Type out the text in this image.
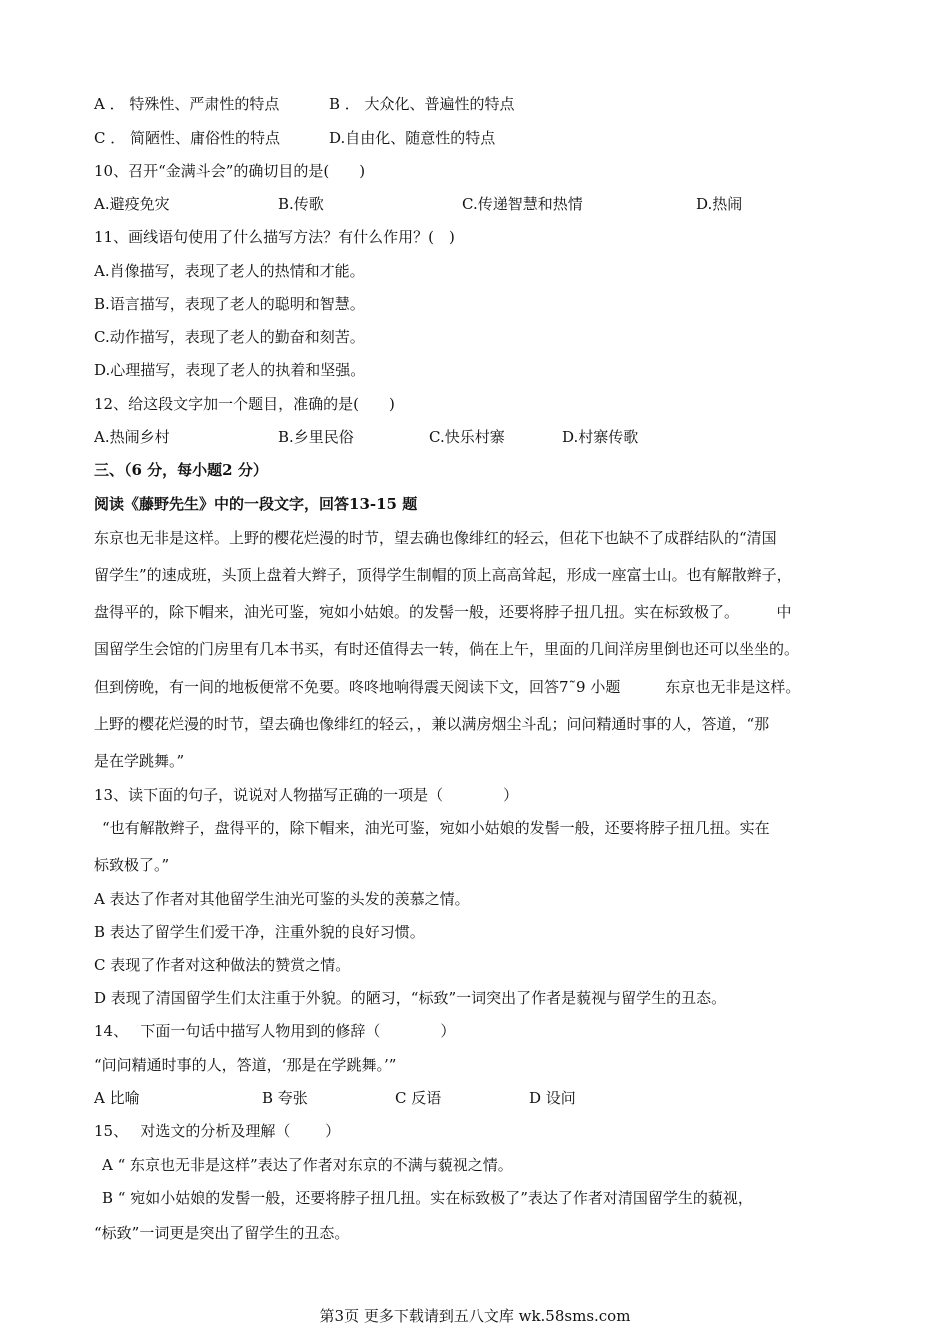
A ． 特殊性、严肃性的特点	B ． 大众化、普遍性的特点
C ． 简陋性、庸俗性的特点	D.自由化、随意性的特点
10、召开“金满斗会”的确切目的是(　　)
A.避疫免灾	B.传歌	C.传递智慧和热情	D.热闹
11、画线语句使用了什么描写方法？有什么作用？(　)
A.肖像描写，表现了老人的热情和才能。
B.语言描写，表现了老人的聪明和智慧。
C.动作描写，表现了老人的勤奋和刻苦。
D.心理描写，表现了老人的执着和坚强。
12、给这段文字加一个题目，准确的是(　　)
A.热闹乡村	B.乡里民俗	C.快乐村寨	D.村寨传歌
三、（6 分，每小题2 分）
阅读《藤野先生》中的一段文字，回答13-15 题
东京也无非是这样。上野的樱花烂漫的时节，望去确也像绯红的轻云，但花下也缺不了成群结队的“清国
留学生”的速成班，头顶上盘着大辫子，顶得学生制帽的顶上高高耸起，形成一座富士山。也有解散辫子，
盘得平的，除下帽来，油光可鉴，宛如小姑娘。的发髻一般，还要将脖子扭几扭。实在标致极了。　　　中
国留学生会馆的门房里有几本书买，有时还值得去一转，倘在上午，里面的几间洋房里倒也还可以坐坐的。
但到傍晚，有一间的地板便常不免要。咚咚地响得震天阅读下文，回答7˜9 小题　　　东京也无非是这样。
上野的樱花烂漫的时节，望去确也像绯红的轻云，，兼以满房烟尘斗乱；问问精通时事的人，答道，“那
是在学跳舞。”
13、读下面的句子，说说对人物描写正确的一项是（　　　　）
“也有解散辫子，盘得平的，除下帽来，油光可鉴，宛如小姑娘的发髻一般，还要将脖子扭几扭。实在
标致极了。”
A 表达了作者对其他留学生油光可鉴的头发的羡慕之情。
B 表达了留学生们爱干净，注重外貌的良好习惯。
C 表现了作者对这种做法的赞赏之情。
D 表现了清国留学生们太注重于外貌。的陋习，“标致”一词突出了作者是藐视与留学生的丑态。
14、　 下面一句话中描写人物用到的修辞（　　　　）
“问问精通时事的人，答道，‘那是在学跳舞。’”
A 比喻	B 夸张	C 反语	D 设问
15、　 对选文的分析及理解（　　 ）
A “ 东京也无非是这样”表达了作者对东京的不满与藐视之情。
B “ 宛如小姑娘的发髻一般，还要将脖子扭几扭。实在标致极了”表达了作者对清国留学生的藐视，
“标致”一词更是突出了留学生的丑态。
第3页 更多下载请到五八文库 wk.58sms.com
